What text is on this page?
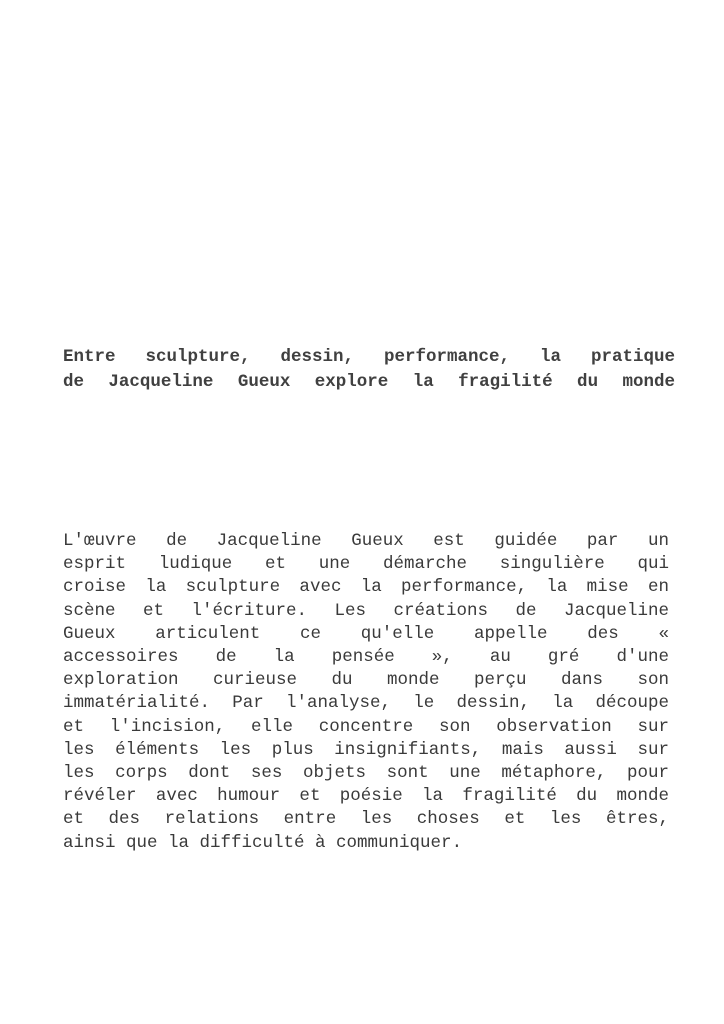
Entre sculpture, dessin, performance, la pratique
de Jacqueline Gueux explore la fragilité du monde

L'œuvre de Jacqueline Gueux est guidée par un
esprit ludique et une démarche singulière qui
croise la sculpture avec la performance, la mise en
scène et l'écriture. Les créations de Jacqueline
Gueux articulent ce qu'elle appelle des «
accessoires de la pensée », au gré d'une
exploration curieuse du monde perçu dans son
immatérialité. Par l'analyse, le dessin, la découpe
et l'incision, elle concentre son observation sur
les éléments les plus insignifiants, mais aussi sur
les corps dont ses objets sont une métaphore, pour
révéler avec humour et poésie la fragilité du monde
et des relations entre les choses et les êtres,
ainsi que la difficulté à communiquer.
